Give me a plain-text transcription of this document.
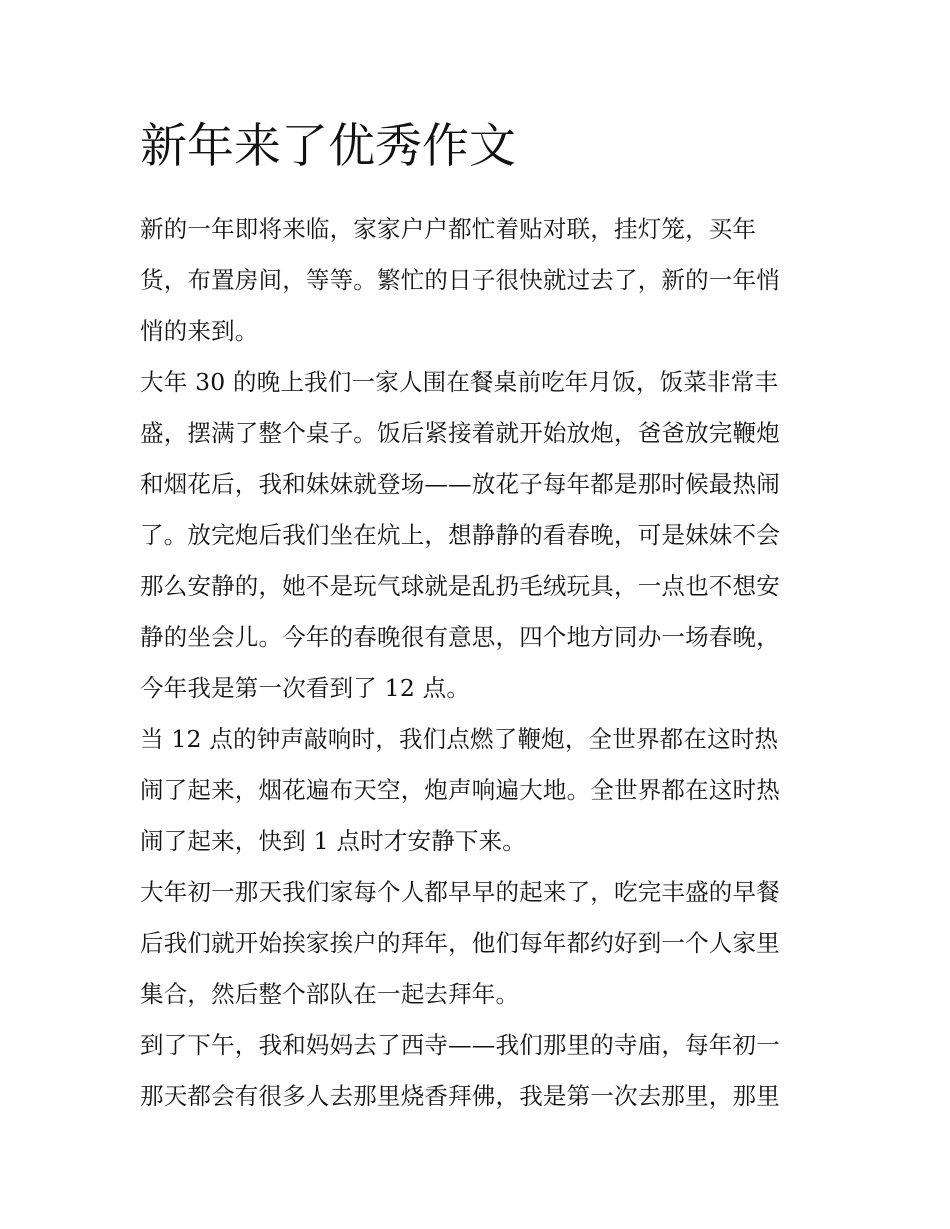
新年来了优秀作文

新的一年即将来临，家家户户都忙着贴对联，挂灯笼，买年
货，布置房间，等等。繁忙的日子很快就过去了，新的一年悄
悄的来到。

大年 30 的晚上我们一家人围在餐桌前吃年月饭，饭菜非常丰
盛，摆满了整个桌子。饭后紧接着就开始放炮，爸爸放完鞭炮
和烟花后，我和妹妹就登场——放花子每年都是那时候最热闹
了。放完炮后我们坐在炕上，想静静的看春晚，可是妹妹不会
那么安静的，她不是玩气球就是乱扔毛绒玩具，一点也不想安
静的坐会儿。今年的春晚很有意思，四个地方同办一场春晚，
今年我是第一次看到了 12 点。

当 12 点的钟声敲响时，我们点燃了鞭炮，全世界都在这时热
闹了起来，烟花遍布天空，炮声响遍大地。全世界都在这时热
闹了起来，快到 1 点时才安静下来。

大年初一那天我们家每个人都早早的起来了，吃完丰盛的早餐
后我们就开始挨家挨户的拜年，他们每年都约好到一个人家里
集合，然后整个部队在一起去拜年。

到了下午，我和妈妈去了西寺——我们那里的寺庙，每年初一
那天都会有很多人去那里烧香拜佛，我是第一次去那里，那里
